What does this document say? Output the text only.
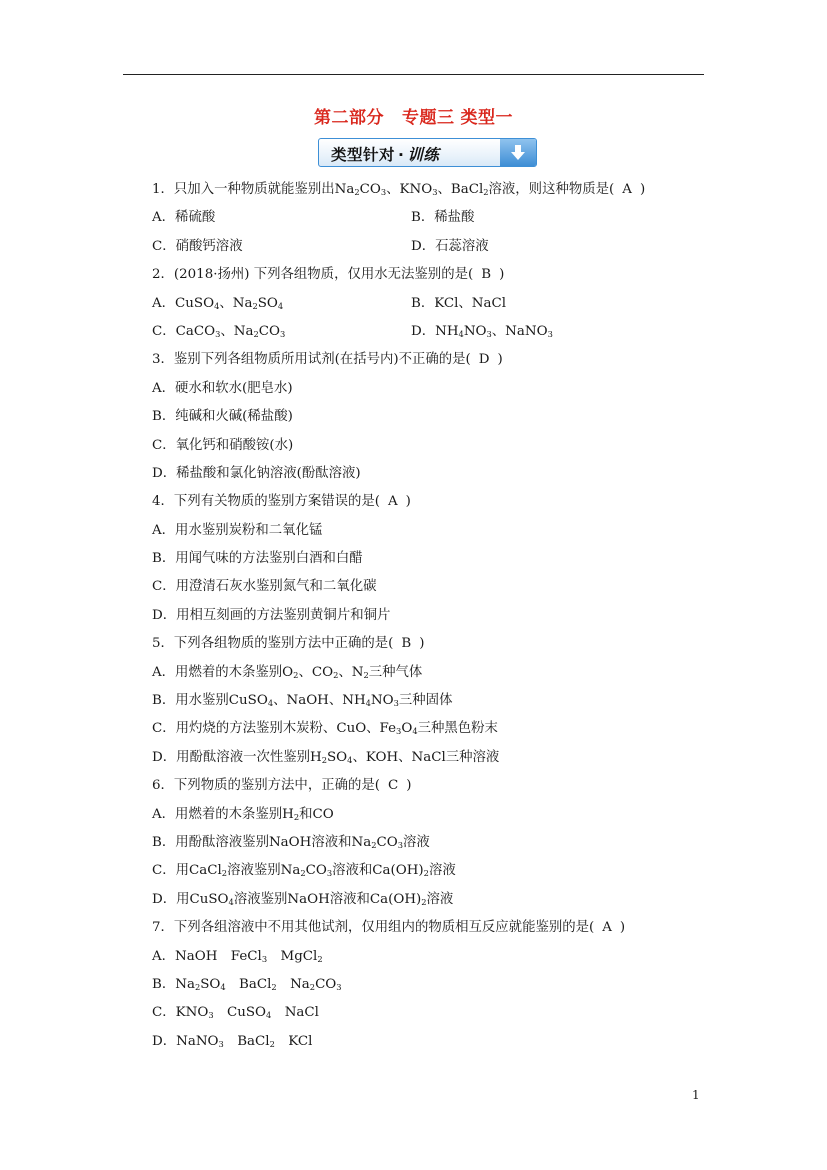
第二部分 专题三 类型一
类型针对 · 训练
1．只加入一种物质就能鉴别出$Na_2CO_3$、$KNO_3$、BaCl$_2$溶液，则这种物质是( A )
A．稀硫酸	B．稀盐酸
C．硝酸钙溶液	D．石蕊溶液
2．(2018·扬州) 下列各组物质，仅用水无法鉴别的是( B )
A．CuSO$_4$、$Na_2SO_4$	B．KCl、NaCl
C．CaCO$_3$、$Na_2CO_3$	D．$NH_4NO_3$、NaNO$_3$
3．鉴别下列各组物质所用试剂(在括号内)不正确的是( D )
A．硬水和软水(肥皂水)
B．纯碱和火碱(稀盐酸)
C．氧化钙和硝酸铵(水)
D．稀盐酸和氯化钠溶液(酚酞溶液)
4．下列有关物质的鉴别方案错误的是( A )
A．用水鉴别炭粉和二氧化锰
B．用闻气味的方法鉴别白酒和白醋
C．用澄清石灰水鉴别氮气和二氧化碳
D．用相互刻画的方法鉴别黄铜片和铜片
5．下列各组物质的鉴别方法中正确的是( B )
A．用燃着的木条鉴别$O_2$、$CO_2$、$N_2$三种气体
B．用水鉴别CuSO$_4$、NaOH、$NH_4NO_3$三种固体
C．用灼烧的方法鉴别木炭粉、CuO、$Fe_3O_4$三种黑色粉末
D．用酚酞溶液一次性鉴别$H_2SO_4$、KOH、NaCl三种溶液
6．下列物质的鉴别方法中，正确的是( C )
A．用燃着的木条鉴别$H_2$和CO
B．用酚酞溶液鉴别NaOH溶液和$Na_2CO_3$溶液
C．用CaCl$_2$溶液鉴别$Na_2CO_3$溶液和$Ca(OH)_2$溶液
D．用CuSO$_4$溶液鉴别NaOH溶液和$Ca(OH)_2$溶液
7．下列各组溶液中不用其他试剂，仅用组内的物质相互反应就能鉴别的是( A )
A．NaOH　FeCl$_3$　MgCl$_2$
B．$Na_2SO_4$　BaCl$_2$　$Na_2CO_3$
C．$KNO_3$　CuSO$_4$　NaCl
D．NaNO$_3$　BaCl$_2$　KCl
1
